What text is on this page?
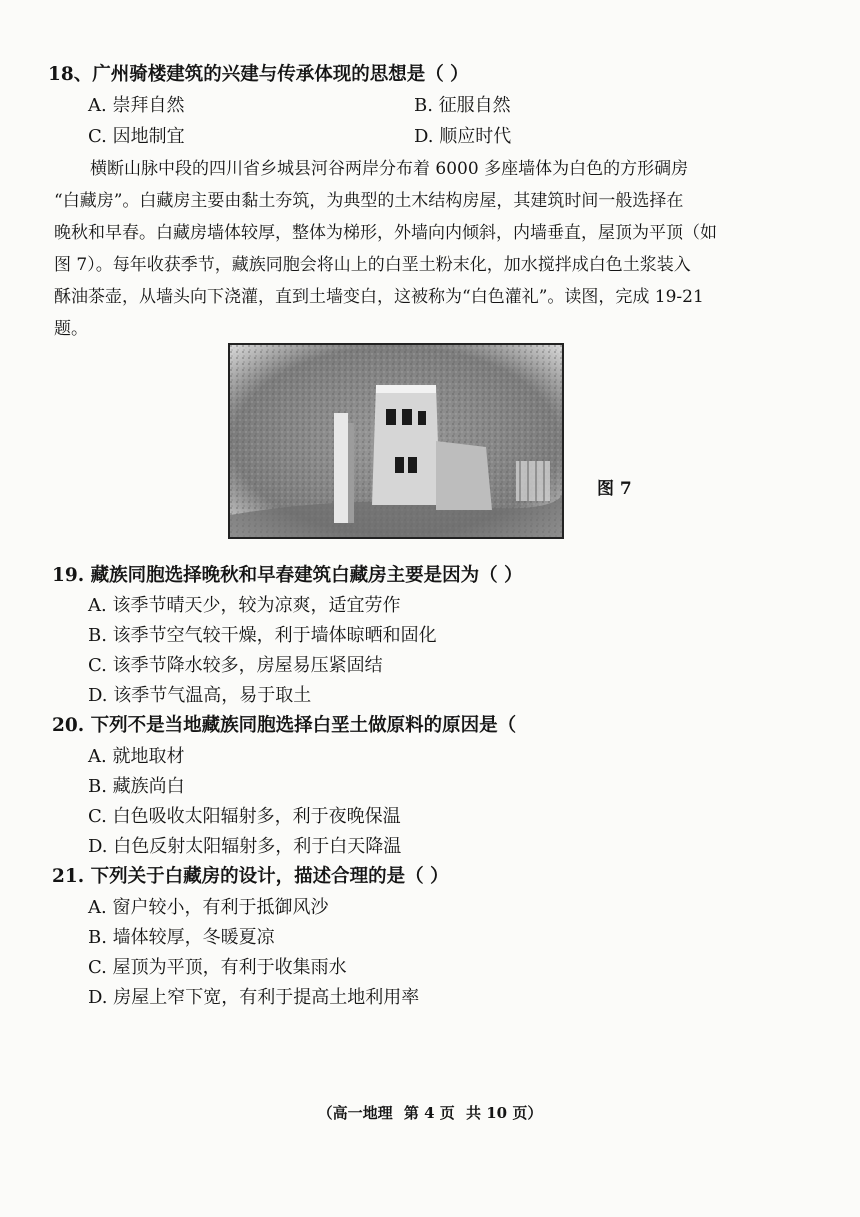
18、广州骑楼建筑的兴建与传承体现的思想是（ ）
A. 崇拜自然	B. 征服自然
C. 因地制宜	D. 顺应时代
横断山脉中段的四川省乡城县河谷两岸分布着 6000 多座墙体为白色的方形碉房
“白藏房”。白藏房主要由黏土夯筑，为典型的土木结构房屋，其建筑时间一般选择在
晚秋和早春。白藏房墙体较厚，整体为梯形，外墙向内倾斜，内墙垂直，屋顶为平顶（如
图 7）。每年收获季节，藏族同胞会将山上的白垩土粉末化，加水搅拌成白色土浆装入
酥油茶壶，从墙头向下浇灌，直到土墙变白，这被称为“白色灌礼”。读图，完成 19-21
题。
图 7
19. 藏族同胞选择晚秋和早春建筑白藏房主要是因为（ ）
A. 该季节晴天少，较为凉爽，适宜劳作
B. 该季节空气较干燥，利于墙体晾晒和固化
C. 该季节降水较多，房屋易压紧固结
D. 该季节气温高，易于取土
20. 下列不是当地藏族同胞选择白垩土做原料的原因是（
A. 就地取材
B. 藏族尚白
C. 白色吸收太阳辐射多，利于夜晚保温
D. 白色反射太阳辐射多，利于白天降温
21. 下列关于白藏房的设计，描述合理的是（ ）
A. 窗户较小，有利于抵御风沙
B. 墙体较厚，冬暖夏凉
C. 屋顶为平顶，有利于收集雨水
D. 房屋上窄下宽，有利于提高土地利用率
（高一地理 第 4 页 共 10 页）
